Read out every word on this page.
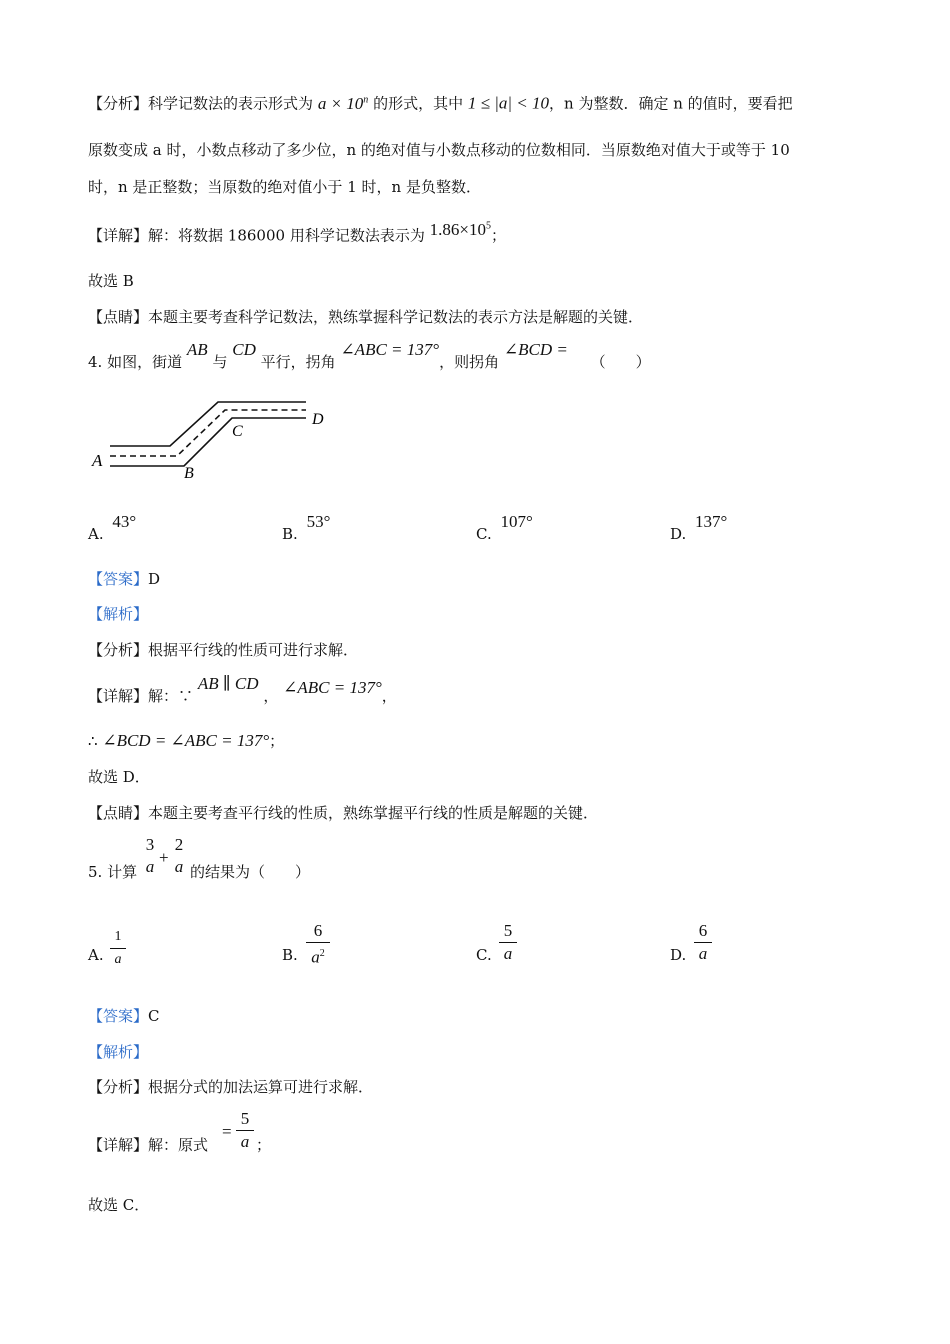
【分析】科学记数法的表示形式为 $a \times 10^n$ 的形式，其中 1 ≤ |a| < 10，n 为整数．确定 n 的值时，要看把
原数变成 a 时，小数点移动了多少位，n 的绝对值与小数点移动的位数相同．当原数绝对值大于或等于 10
时，n 是正整数；当原数的绝对值小于 1 时，n 是负整数．
【详解】解：将数据 186000 用科学记数法表示为 $1.86\times 10^5$；
故选 B
【点睛】本题主要考查科学记数法，熟练掌握科学记数法的表示方法是解题的关键．
4. 如图，街道 AB 与 CD 平行，拐角 ∠ABC = 137°，则拐角 ∠BCD = （　　）
A
B
C
D
A. 43°
B. 53°
C. 107°
D. 137°
【答案】D
【解析】
【分析】根据平行线的性质可进行求解．
【详解】解：∵ AB ∥ CD ， ∠ABC = 137°，
∴ ∠BCD = ∠ABC = 137°；
故选 D．
【点睛】本题主要考查平行线的性质，熟练掌握平行线的性质是解题的关键．
5. 计算
3
a +
2
a 的结果为（　　）
A.
1
a	B.
6
$a^2$	C.
5
a	D.
6
a
【答案】C
【解析】
【分析】根据分式的加法运算可进行求解．
【详解】解：原式
=
5
a ；
故选 C．
